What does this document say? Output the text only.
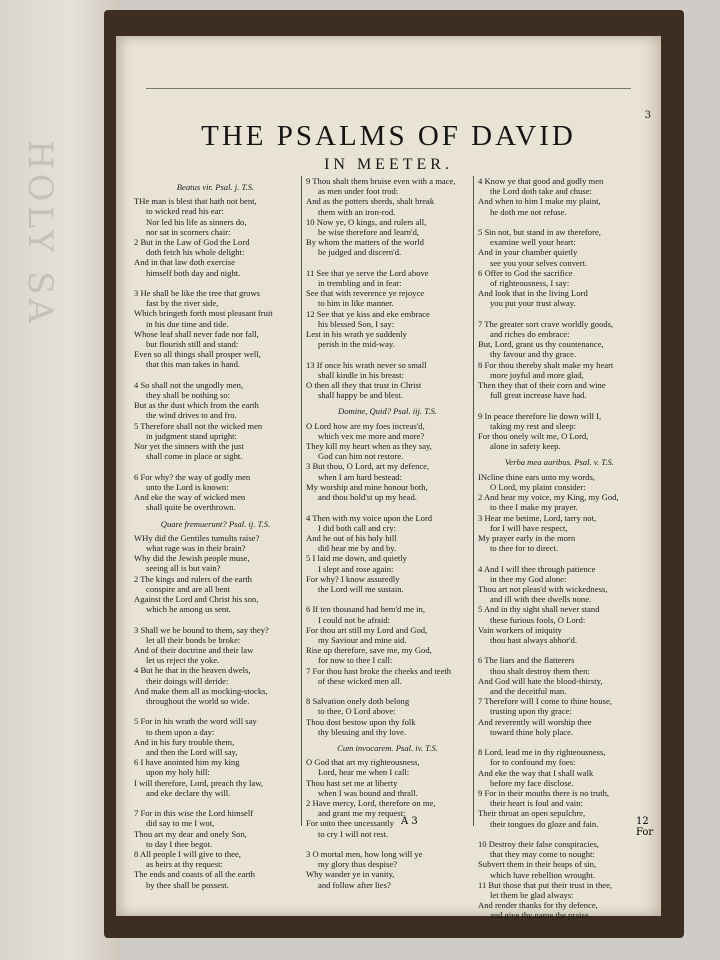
HOLY SA
3
THE PSALMS OF DAVID
IN MEETER.
Beatus vir. Psal. j. T.S.
THe man is blest that hath not bent,
to wicked read his ear:
Nor led his life as sinners do,
nor sat in scorners chair:
2 But in the Law of God the Lord
doth fetch his whole delight:
And in that law doth exercise
himself both day and night.

3 He shall be like the tree that grows
fast by the river side,
Which bringeth forth most pleasant fruit
in his due time and tide.
Whose leaf shall never fade nor fall,
but flourish still and stand:
Even so all things shall prosper well,
that this man takes in hand.

4 So shall not the ungodly men,
they shall be nothing so:
But as the dust which from the earth
the wind drives to and fro.
5 Therefore shall not the wicked men
in judgment stand upright:
Nor yet the sinners with the just
shall come in place or sight.

6 For why? the way of godly men
unto the Lord is known:
And eke the way of wicked men
shall quite be overthrown.
Quare fremuerunt? Psal. ij. T.S.
WHy did the Gentiles tumults raise?
what rage was in their brain?
Why did the Jewish people muse,
seeing all is but vain?
2 The kings and rulers of the earth
conspire and are all bent
Against the Lord and Christ his son,
which he among us sent.

3 Shall we be bound to them, say they?
let all their bonds be broke:
And of their doctrine and their law
let us reject the yoke.
4 But he that in the heaven dwels,
their doings will deride:
And make them all as mocking-stocks,
throughout the world so wide.

5 For in his wrath the word will say
to them upon a day:
And in his fury trouble them,
and then the Lord will say,
6 I have anointed him my king
upon my holy hill:
I will therefore, Lord, preach thy law,
and eke declare thy will.

7 For in this wise the Lord himself
did say to me I wot,
Thou art my dear and onely Son,
to day I thee begot.
8 All people I will give to thee,
as heirs at thy request:
The ends and coasts of all the earth
by thee shall be possest.
9 Thou shalt them bruise even with a mace,
as men under foot trod:
And as the potters sherds, shalt break
them with an iron-rod.
10 Now ye, O kings, and rulers all,
be wise therefore and learn'd,
By whom the matters of the world
be judged and discern'd.

11 See that ye serve the Lord above
in trembling and in fear:
See that with reverence ye rejoyce
to him in like manner.
12 See that ye kiss and eke embrace
his blessed Son, I say:
Lest in his wrath ye suddenly
perish in the mid-way.

13 If once his wrath never so small
shall kindle in his breast:
O then all they that trust in Christ
shall happy be and blest.
Domine, Quid? Psal. iij. T.S.
O Lord how are my foes increas'd,
which vex me more and more?
They kill my heart when as they say,
God can him not restore.
3 But thou, O Lord, art my defence,
when I am hard bestead:
My worship and mine honour both,
and thou hold'st up my head.

4 Then with my voice upon the Lord
I did both call and cry:
And he out of his holy hill
did hear me by and by.
5 I laid me down, and quietly
I slept and rose again:
For why? I know assuredly
the Lord will me sustain.

6 If ten thousand had hem'd me in,
I could not be afraid:
For thou art still my Lord and God,
my Saviour and mine aid.
Rise up therefore, save me, my God,
for now to thee I call:
7 For thou hast broke the cheeks and teeth
of these wicked men all.

8 Salvation onely doth belong
to thee, O Lord above:
Thou dost bestow upon thy folk
thy blessing and thy love.
Cum invocarem. Psal. iv. T.S.
O God that art my righteousness,
Lord, hear me when I call:
Thou hast set me at liberty
when I was bound and thrall.
2 Have mercy, Lord, therefore on me,
and grant me my request:
For unto thee uncessantly
to cry I will not rest.

3 O mortal men, how long will ye
my glory thus despise?
Why wander ye in vanity,
and follow after lies?
4 Know ye that good and godly men
the Lord doth take and chuse:
And when to him I make my plaint,
he doth me not refuse.

5 Sin not, but stand in aw therefore,
examine well your heart:
And in your chamber quietly
see you your selves convert.
6 Offer to God the sacrifice
of righteousness, I say:
And look that in the living Lord
you put your trust alway.

7 The greater sort crave worldly goods,
and riches do embrace:
But, Lord, grant us thy countenance,
thy favour and thy grace.
8 For thou thereby shalt make my heart
more joyful and more glad,
Then they that of their corn and wine
full great increase have had.

9 In peace therefore lie down will I,
taking my rest and sleep:
For thou onely wilt me, O Lord,
alone in safety keep.
Verba mea auribus. Psal. v. T.S.
INcline thine ears unto my words,
O Lord, my plaint consider:
2 And hear my voice, my King, my God,
to thee I make my prayer.
3 Hear me betime, Lord, tarry not,
for I will have respect,
My prayer early in the morn
to thee for to direct.

4 And I will thee through patience
in thee my God alone:
Thou art not pleas'd with wickedness,
and ill with thee dwells none.
5 And in thy sight shall never stand
these furious fools, O Lord:
Vain workers of iniquity
thou hast always abhor'd.

6 The liars and the flatterers
thou shalt destroy them then:
And God will hate the blood-thirsty,
and the deceitful man.
7 Therefore will I come to thine house,
trusting upon thy grace:
And reverently will worship thee
toward thine holy place.

8 Lord, lead me in thy righteousness,
for to confound my foes:
And eke the way that I shall walk
before my face disclose.
9 For in their mouths there is no truth,
their heart is foul and vain:
Their throat an open sepulchre,
their tongues do gloze and fain.

10 Destroy their false conspiracies,
that they may come to nought:
Subvert them in their heaps of sin,
which have rebellion wrought.
11 But those that put their trust in thee,
let them be glad always:
And render thanks for thy defence,
and give thy name the praise.
A 3	12 For
